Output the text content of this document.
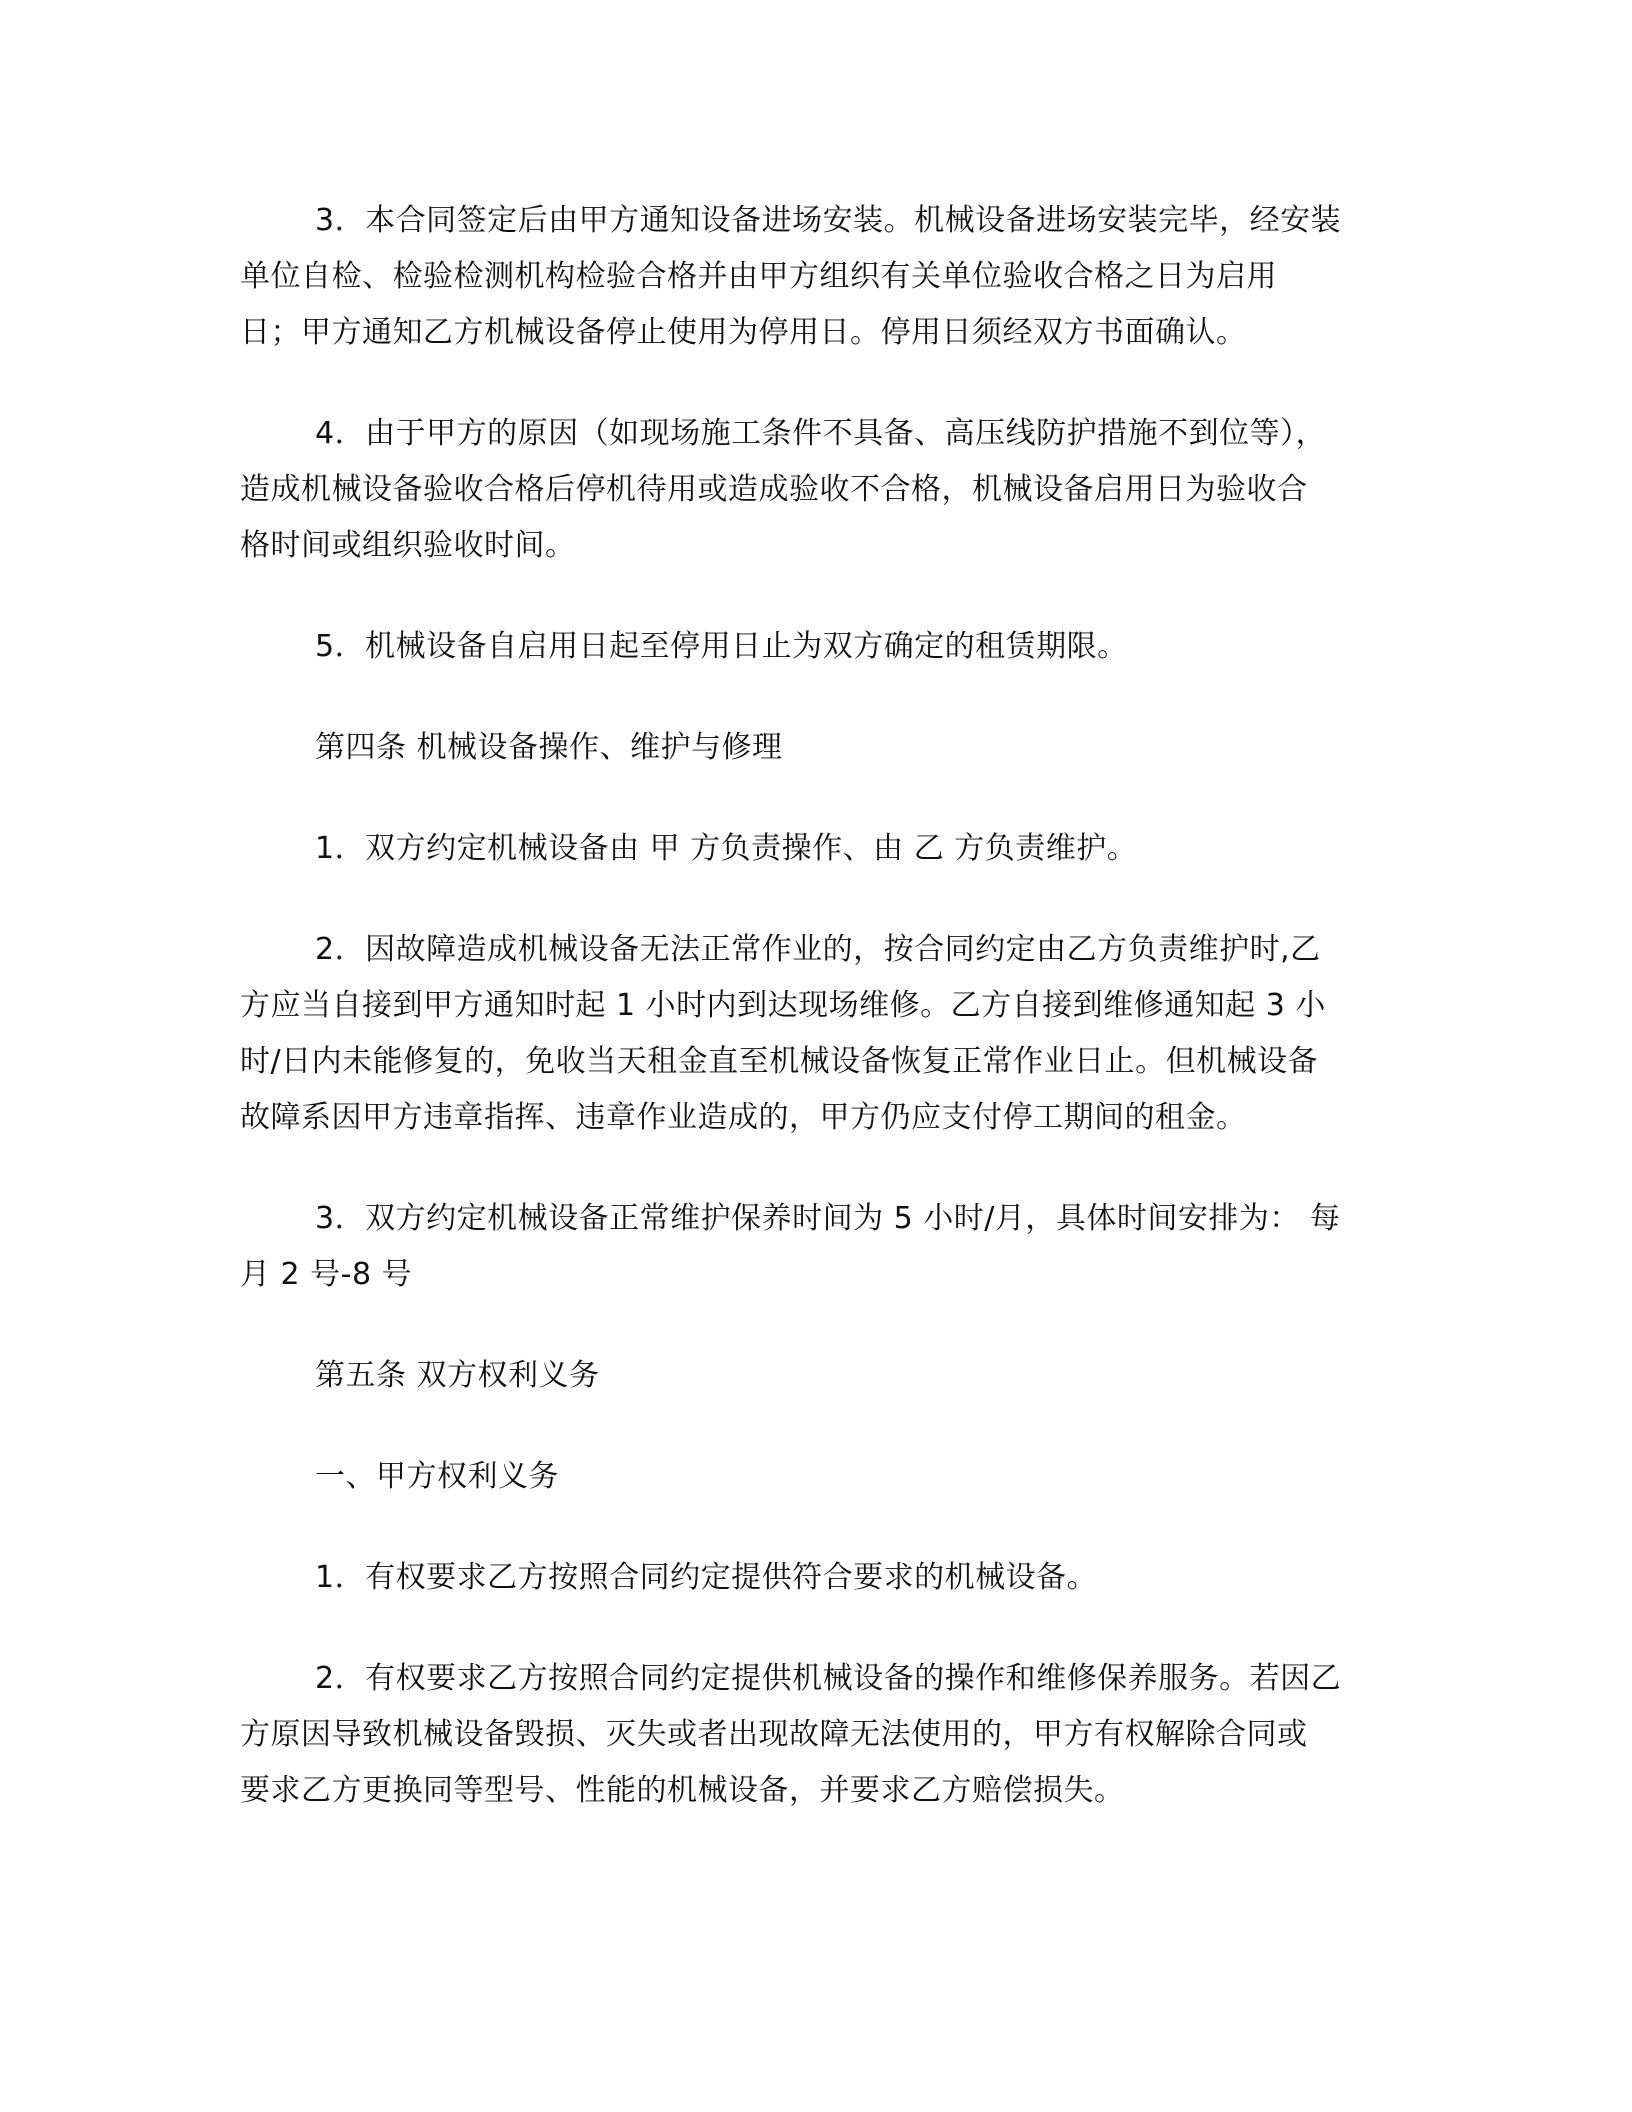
3．本合同签定后由甲方通知设备进场安装。机械设备进场安装完毕，经安装
单位自检、检验检测机构检验合格并由甲方组织有关单位验收合格之日为启用
日；甲方通知乙方机械设备停止使用为停用日。停用日须经双方书面确认。

4．由于甲方的原因（如现场施工条件不具备、高压线防护措施不到位等），
造成机械设备验收合格后停机待用或造成验收不合格，机械设备启用日为验收合
格时间或组织验收时间。

5．机械设备自启用日起至停用日止为双方确定的租赁期限。

第四条 机械设备操作、维护与修理

1．双方约定机械设备由 甲 方负责操作、由 乙 方负责维护。

2．因故障造成机械设备无法正常作业的，按合同约定由乙方负责维护时,乙
方应当自接到甲方通知时起 1 小时内到达现场维修。乙方自接到维修通知起 3 小
时/日内未能修复的，免收当天租金直至机械设备恢复正常作业日止。但机械设备
故障系因甲方违章指挥、违章作业造成的，甲方仍应支付停工期间的租金。

3．双方约定机械设备正常维护保养时间为 5 小时/月，具体时间安排为： 每
月 2 号-8 号

第五条 双方权利义务

一、甲方权利义务

1．有权要求乙方按照合同约定提供符合要求的机械设备。

2．有权要求乙方按照合同约定提供机械设备的操作和维修保养服务。若因乙
方原因导致机械设备毁损、灭失或者出现故障无法使用的，甲方有权解除合同或
要求乙方更换同等型号、性能的机械设备，并要求乙方赔偿损失。
